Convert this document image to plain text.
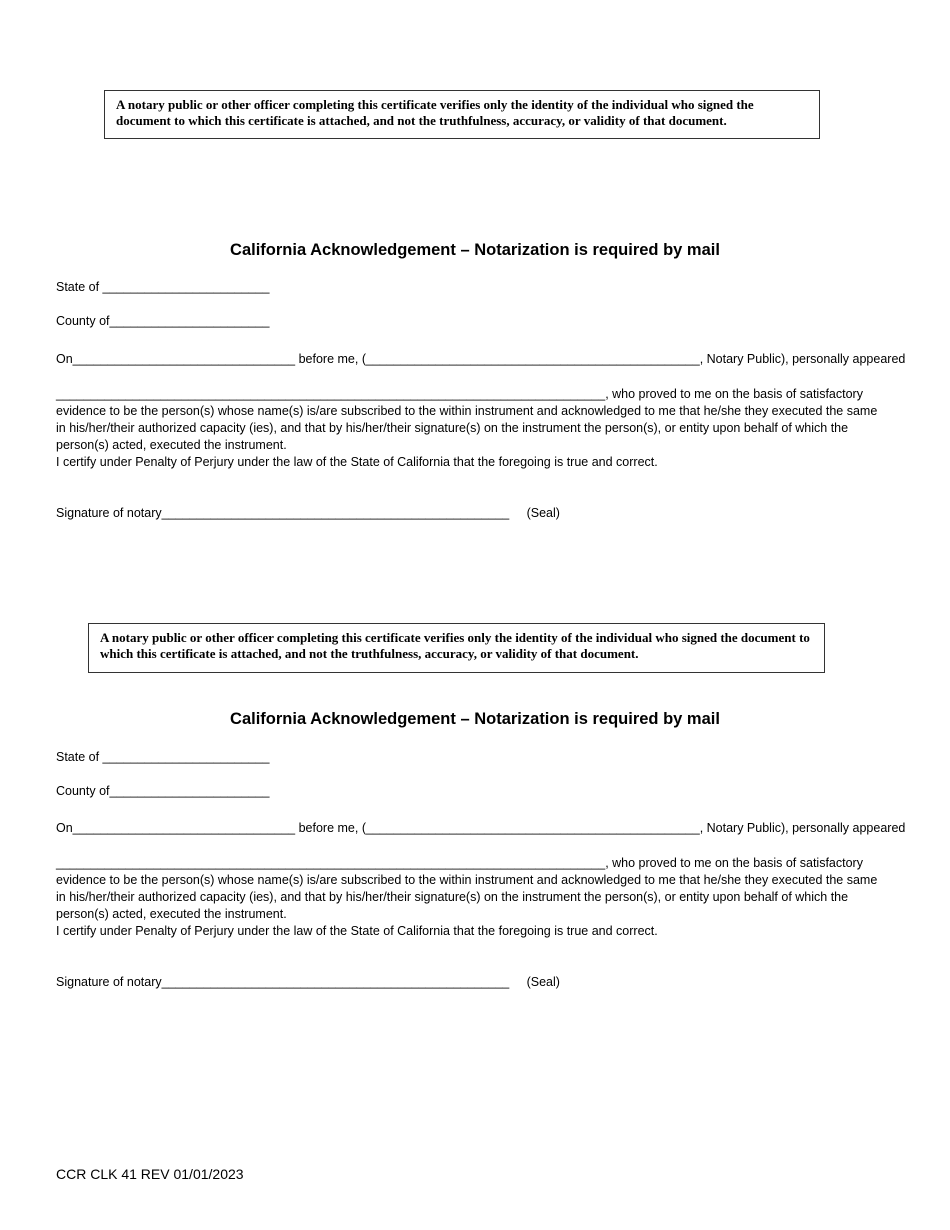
A notary public or other officer completing this certificate verifies only the identity of the individual who signed the document to which this certificate is attached, and not the truthfulness, accuracy, or validity of that document.
California Acknowledgement – Notarization is required by mail
State of ________________________
County of_______________________
On________________________________ before me, (________________________________________________, Notary Public), personally appeared
_______________________________________________________________________________, who proved to me on the basis of satisfactory
evidence to be the person(s) whose name(s) is/are subscribed to the within instrument and acknowledged to me that he/she they executed the same in his/her/their authorized capacity (ies), and that by his/her/their signature(s) on the instrument the person(s), or entity upon behalf of which the person(s) acted, executed the instrument.
I certify under Penalty of Perjury under the law of the State of California that the foregoing is true and correct.
Signature of notary__________________________________________________     (Seal)
A notary public or other officer completing this certificate verifies only the identity of the individual who signed the document to which this certificate is attached, and not the truthfulness, accuracy, or validity of that document.
California Acknowledgement – Notarization is required by mail
State of ________________________
County of_______________________
On________________________________ before me, (________________________________________________, Notary Public), personally appeared
_______________________________________________________________________________, who proved to me on the basis of satisfactory
evidence to be the person(s) whose name(s) is/are subscribed to the within instrument and acknowledged to me that he/she they executed the same in his/her/their authorized capacity (ies), and that by his/her/their signature(s) on the instrument the person(s), or entity upon behalf of which the person(s) acted, executed the instrument.
I certify under Penalty of Perjury under the law of the State of California that the foregoing is true and correct.
Signature of notary__________________________________________________     (Seal)
CCR CLK 41 REV 01/01/2023
